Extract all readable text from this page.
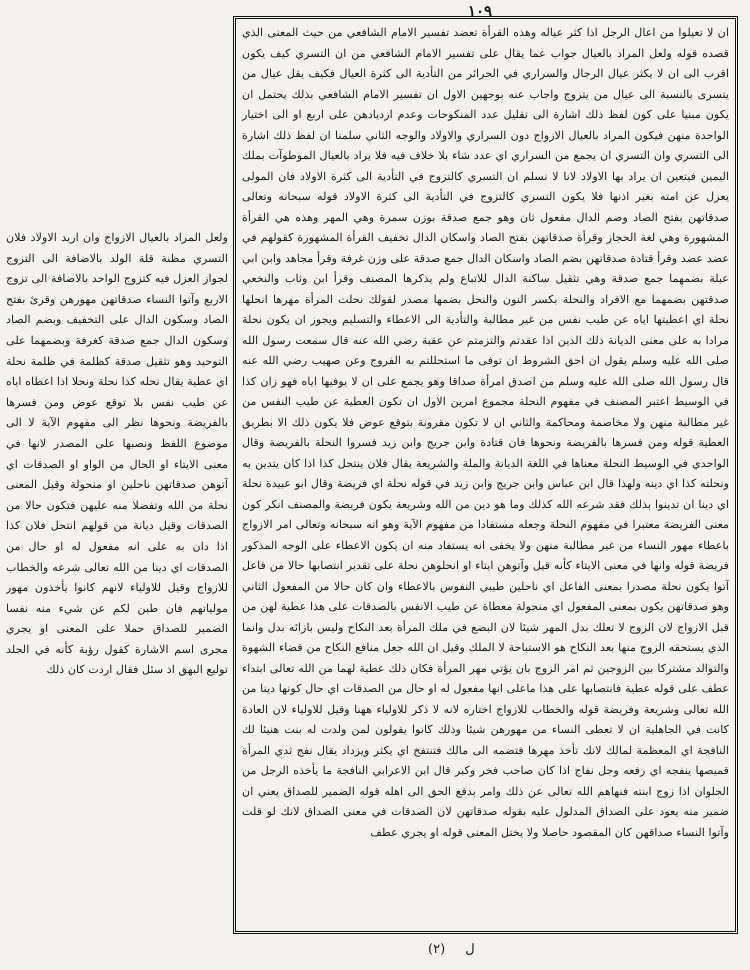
۱۰۹

ان لا تعيلوا من اعال الرجل اذا كثر عياله وهذه القرأة تعضد تفسير الامام الشافعي من حيث المعنى الذي قصده قوله ولعل المراد بالعيال جواب عما يقال على تفسير الامام الشافعي من ان التسري كيف يكون اقرب الى ان لا يكثر عيال الرجال والسراري في الحرائر من التأدية الى كثرة العيال فكيف يقل عيال من يتسرى بالنسبة الى عيال من يتزوج واجاب عنه بوجهين الاول ان تفسير الامام الشافعي بذلك يحتمل ان يكون مبنيا على كون لفظ ذلك اشارة الى تقليل عدد المنكوحات وعدم ازديادهن على اربع او الى اختيار الواحدة منهن فيكون المراد بالعيال الازواج دون السراري والاولاد والوجه الثاني سلمنا ان لفظ ذلك اشارة الى التسري وان التسري ان يجمع من السراري اي عدد شاء بلا خلاف فيه فلا يراد بالعيال الموطوآت بملك اليمين فيتعين ان يراد بها الاولاد لانا لا نسلم ان التسري كالتزوج في التأدية الى كثرة الاولاد فان المولى يعزل عن امته بغير اذنها فلا يكون التسري كالتزوج في التأدية الى كثرة الاولاد قوله سبحانه وتعالى صدقاتهن بفتح الصاد وضم الدال مفعول ثان وهو جمع صدقة بوزن سمرة وهي المهر وهذه هي القرأة المشهورة وهي لغة الحجاز وقرأة صدقاتهن بفتح الصاد واسكان الدال تخفيف القرأة المشهورة كقولهم في عضد عضد وقرأ قتادة صدقاتهن بضم الصاد واسكان الدال جمع صدقة على وزن غرفة وقرأ مجاهد وابن ابي عبلة بضمهما جمع صدقة وهي تثقيل ساكنة الدال للاتباع ولم يذكرها المصنف وقرأ ابن وثاب والنخعي صدقتهن بضمهما مع الافراد والنحلة بكسر النون والنحل بضمها مصدر لقولك نحلت المرأة مهرها انحلها نحلة اي اعطيتها اياه عن طيب نفس من غير مطالبة والتأدية الى الاعطاء والتسليم ويجوز ان يكون نحلة مرادا به على معنى الديانة ذلك الدين اذا عقدتم والتزمتم عن عقبة رضي الله عنه قال سمعت رسول الله صلى الله عليه وسلم يقول ان احق الشروط ان توفى ما استحللتم به الفروج وعن صهيب رضي الله عنه قال رسول الله صلى الله عليه وسلم من اصدق امرأة صداقا وهو يجمع على ان لا يوفيها اياه فهو زان كذا في الوسيط اعتبر المصنف في مفهوم النحلة مجموع امرين الاول ان تكون العطية عن طيب النفس من غير مطالبة منهن ولا مخاصمة ومحاكمة والثاني ان لا تكون مقرونة بتوقع عوض فلا يكون ذلك الا بطريق العطية قوله ومن فسرها بالفريضة ونحوها فان قتادة وابن جريج وابن زيد فسروا النحلة بالفريضة وقال الواحدي في الوسيط النحلة معناها في اللغة الديانة والملة والشريعة يقال فلان ينتحل كذا اذا كان يتدين به ونحلته كذا اي دينه ولهذا قال ابن عباس وابن جريج وابن زيد في قوله نحلة اي فريضة وقال ابو عبيدة نحلة اي دينا ان تدينوا بذلك فقد شرعه الله كذلك وما هو دين من الله وشريعة يكون فريضة والمصنف انكر كون معنى الفريضة معتبرا في مفهوم النحلة وجعله مستفادا من مفهوم الآية وهو انه سبحانه وتعالى امر الازواج باعطاء مهور النساء من غير مطالبة منهن ولا يخفى انه يستفاد منه ان يكون الاعطاء على الوجه المذكور فريضة قوله وانها في معنى الايتاء كأنه قيل وآتوهن ايتاء او انحلوهن نحلة على تقدير انتصابها حالا من فاعل آتوا يكون نحلة مصدرا بمعنى الفاعل اي ناحلين طيبي النفوس بالاعطاء وان كان حالا من المفعول الثاني وهو صدقاتهن يكون بمعنى المفعول اي منحولة معطاة عن طيب الانفس بالصدقات على هذا عطية لهن من قبل الازواج لان الزوج لا تعلك بدل المهر شيئا لان البضع في ملك المرأة بعد النكاح وليس بازائه بدل وانما الذي يستحقه الزوج منها بعد النكاح هو الاستباحة لا الملك وقيل ان الله جعل منافع النكاح من قضاء الشهوة والتوالد مشتركا بين الزوجين ثم امر الزوج بان يؤتي مهر المرأة فكان ذلك عطية لهما من الله تعالى ابتداء عطف على قوله عطية فانتصابها على هذا ماعلى انها مفعول له او حال من الصدقات اي حال كونها دينا من الله تعالى وشريعة وفريضة قوله والخطاب للازواج اختاره لانه لا ذكر للاولياء ههنا وقيل للاولياء لان العادة كانت في الجاهلية ان لا تعطى النساء من مهورهن شيئا وذلك كانوا يقولون لمن ولدت له بنت هنيئا لك النافجة اي المعظمة لمالك لانك تأخذ مهرها فتضمه الى مالك فتنتفخ اي يكثر ويزداد يقال نفج ثدي المرأة قميصها ينفجه اي رفعه وجل نفاج اذا كان صاحب فخر وكبر قال ابن الاعرابي النافجة ما يأخذه الرجل من الحلوان اذا زوج ابنته فنهاهم الله تعالى عن ذلك وامر بدفع الحق الى اهله قوله الضمير للصداق يعني ان ضمير منه يعود على الصداق المدلول عليه بقوله صدقاتهن لان الصدقات في معنى الصداق لانك لو قلت وآتوا النساء صداقهن كان المقصود حاصلا ولا يختل المعنى قوله او يجري عطف

ولعل المراد بالعيال الازواج وان اريد الاولاد فلان التسري مظنة قلة الولد بالاضافة الى التزوج لجواز العزل فيه كتزوج الواحد بالاضافة الى تزوج الاربع وآتوا النساء صدقاتهن مهورهن وقرئ بفتح الصاد وسكون الدال على التخفيف وبضم الصاد وسكون الدال جمع صدقة كغرفة وبضمهما على التوحيد وهو تثقيل صدقة كظلمة في ظلمة نحلة اي عطية يقال نحله كذا نحلة ونحلا اذا اعطاه اياه عن طيب نفس بلا توقع عوض ومن فسرها بالفريضة ونحوها نظر الى مفهوم الآية لا الى موضوع اللفظ ونصبها على المصدر لانها في معنى الايتاء او الحال من الواو او الصدقات اي آتوهن صدقاتهن ناحلين او منحولة وقيل المعنى نحلة من الله وتفضلا منه عليهن فتكون حالا من الصدقات وقيل ديانة من قولهم انتحل فلان كذا اذا دان به على انه مفعول له او حال من الصدقات اي دينا من الله تعالى شرعه والخطاب للازواج وقيل للاولياء لانهم كانوا يأخذون مهور مولياتهم فان طبن لكم عن شيء منه نفسا الضمير للصداق حملا على المعنى او يجري مجرى اسم الاشارة كقول رؤبة كأنه في الجلد توليع البهق اذ سئل فقال اردت كان ذلك

ل (٢)
